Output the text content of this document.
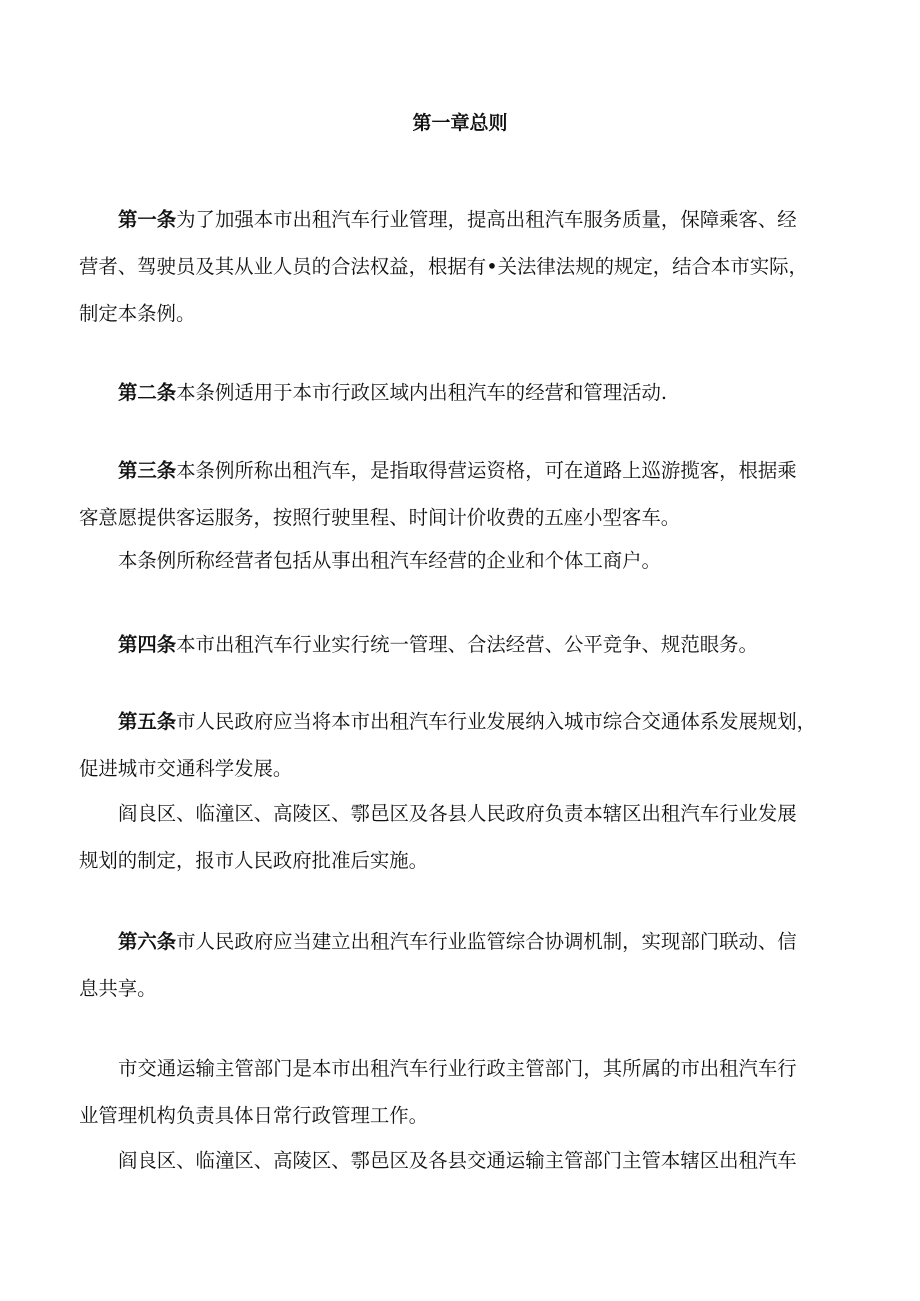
第一章总则
第一条为了加强本市出租汽车行业管理，提高出租汽车服务质量，保障乘客、经
营者、驾驶员及其从业人员的合法权益，根据有•关法律法规的规定，结合本市实际，
制定本条例。
第二条本条例适用于本市行政区域内出租汽车的经营和管理活动.
第三条本条例所称出租汽车，是指取得营运资格，可在道路上巡游揽客，根据乘
客意愿提供客运服务，按照行驶里程、时间计价收费的五座小型客车。
本条例所称经营者包括从事出租汽车经营的企业和个体工商户。
第四条本市出租汽车行业实行统一管理、合法经营、公平竞争、规范眼务。
第五条市人民政府应当将本市出租汽车行业发展纳入城市综合交通体系发展规划，
促进城市交通科学发展。
阎良区、临潼区、高陵区、鄠邑区及各县人民政府负责本辖区出租汽车行业发展
规划的制定，报市人民政府批准后实施。
第六条市人民政府应当建立出租汽车行业监管综合协调机制，实现部门联动、信
息共享。
市交通运输主管部门是本市出租汽车行业行政主管部门，其所属的市出租汽车行
业管理机构负责具体日常行政管理工作。
阎良区、临潼区、高陵区、鄠邑区及各县交通运输主管部门主管本辖区出租汽车
